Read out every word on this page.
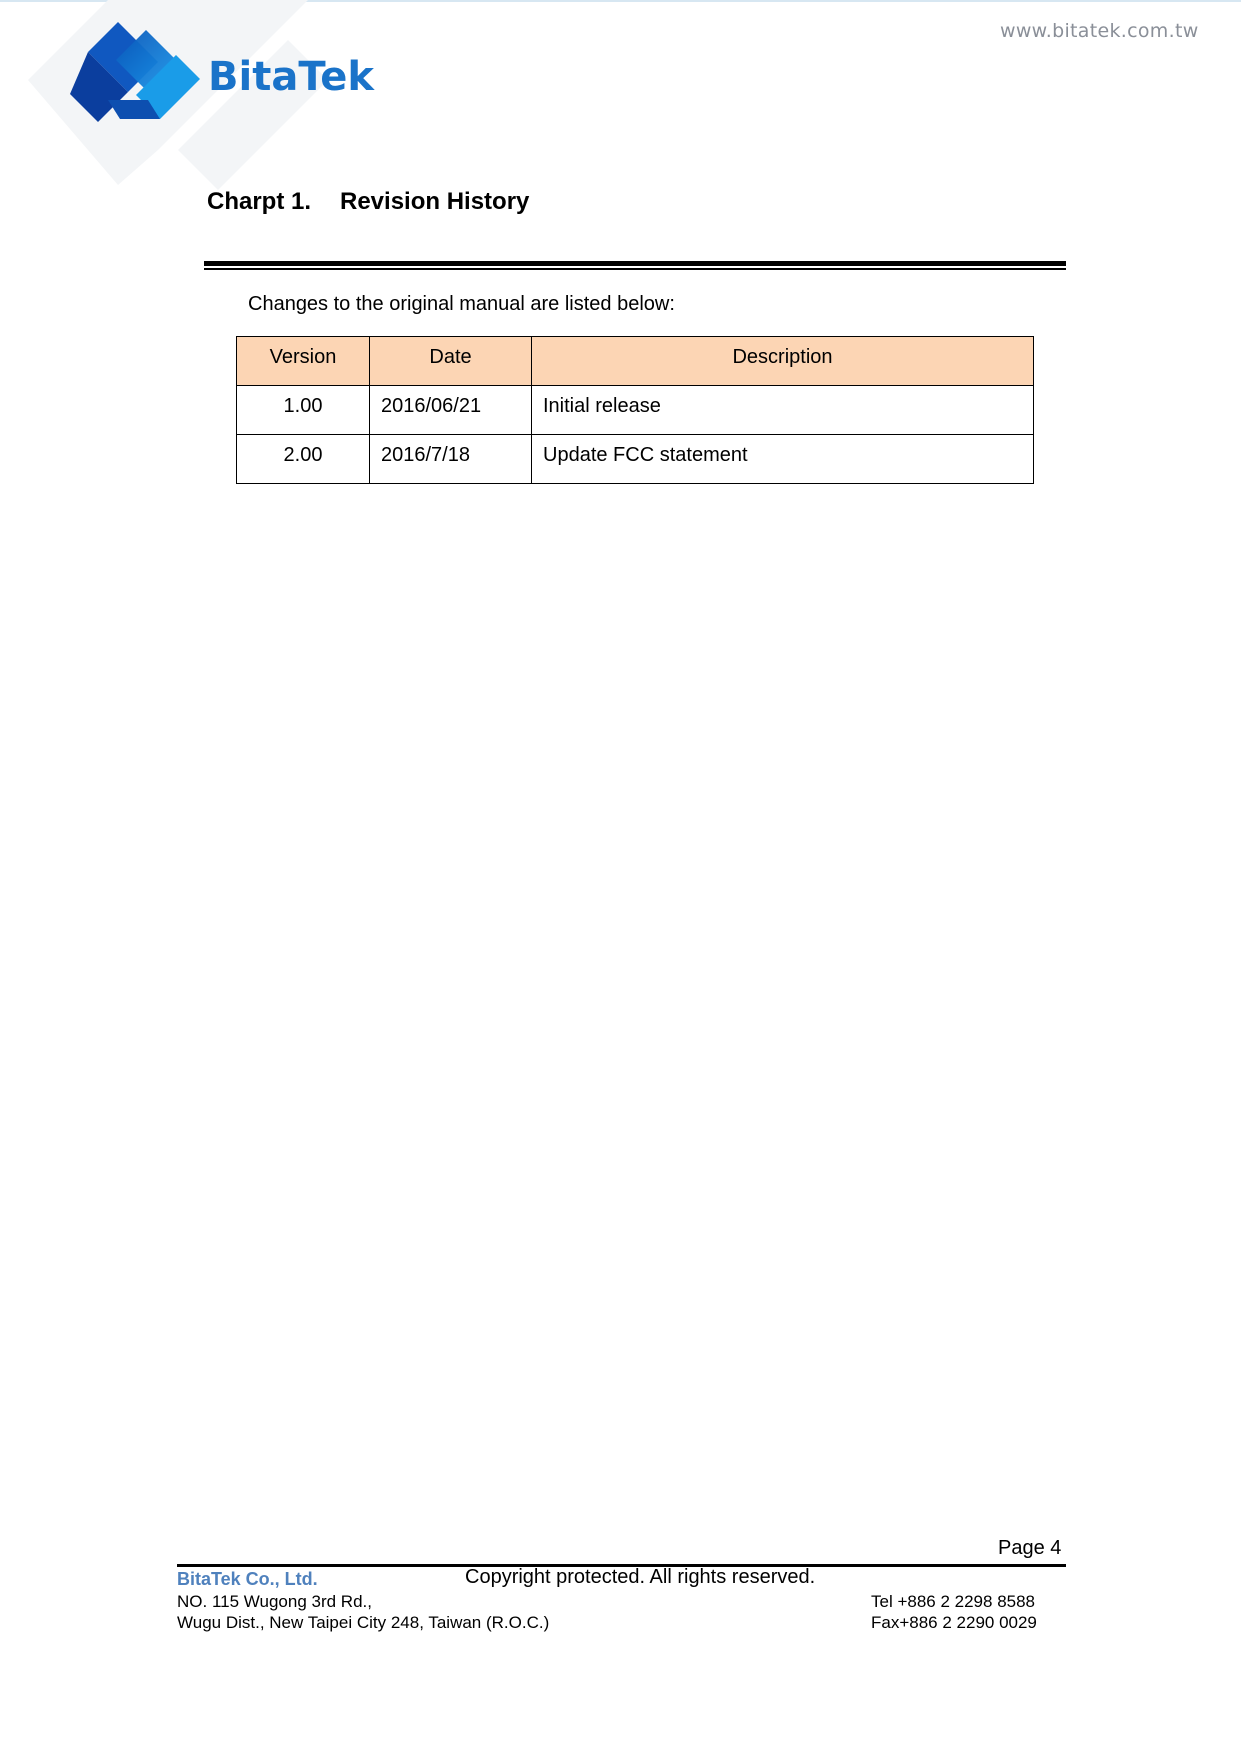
BitaTek
www.bitatek.com.tw
Charpt 1. Revision History
Changes to the original manual are listed below:
Version	Date	Description
1.00	2016/06/21	Initial release
2.00	2016/7/18	Update FCC statement
Page 4
BitaTek Co., Ltd.	Copyright protected. All rights reserved.
NO. 115 Wugong 3rd Rd.,
Wugu Dist., New Taipei City 248, Taiwan (R.O.C.)
Tel +886 2 2298 8588
Fax+886 2 2290 0029
